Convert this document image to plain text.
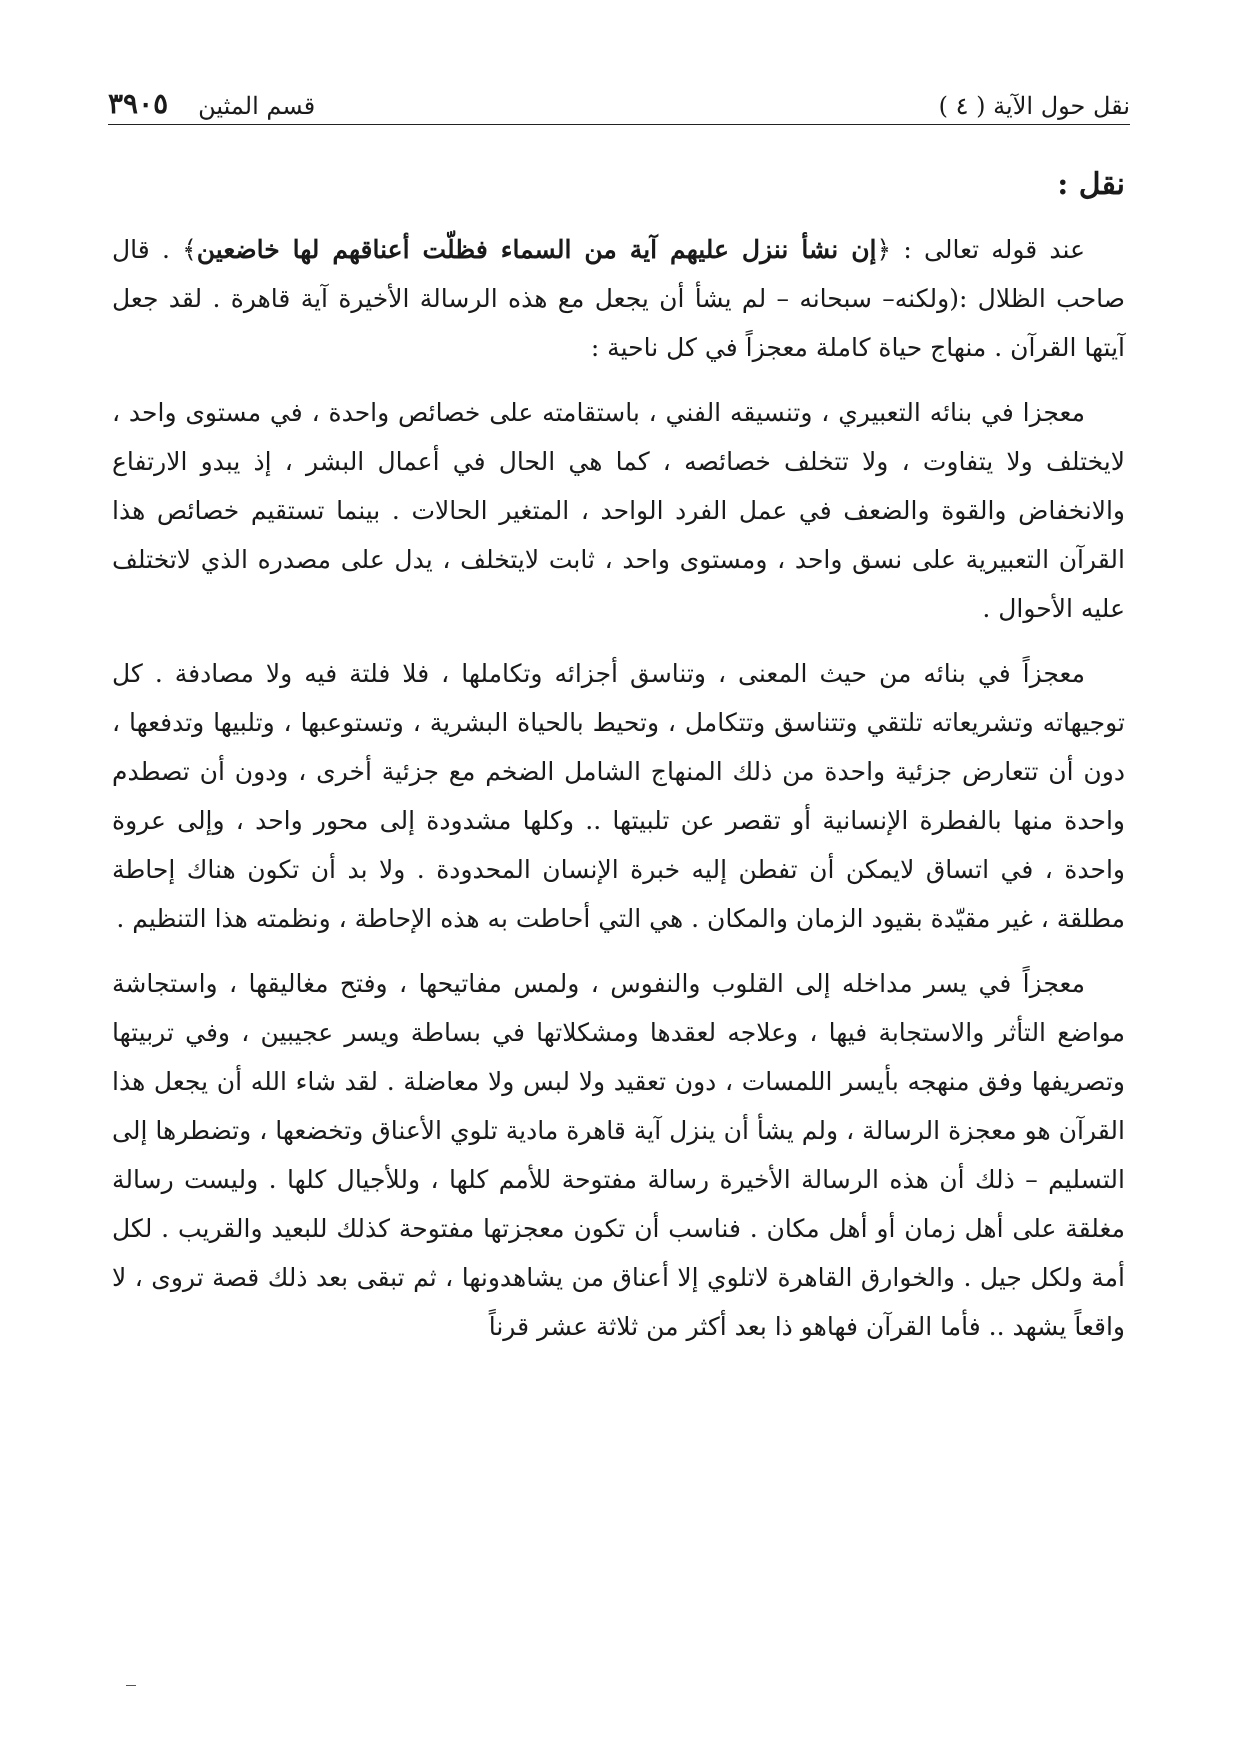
نقل حول الآية ( ٤ )
قسم المثين
٣٩٠٥
نقل :

عند قوله تعالى : ﴿إن نشأ ننزل عليهم آية من السماء فظلّت أعناقهم لها خاضعين﴾ . قال صاحب الظلال :(ولكنه– سبحانه – لم يشأ أن يجعل مع هذه الرسالة الأخيرة آية قاهرة . لقد جعل آيتها القرآن . منهاج حياة كاملة معجزاً في كل ناحية :

معجزا في بنائه التعبيري ، وتنسيقه الفني ، باستقامته على خصائص واحدة ، في مستوى واحد ، لايختلف ولا يتفاوت ، ولا تتخلف خصائصه ، كما هي الحال في أعمال البشر ، إذ يبدو الارتفاع والانخفاض والقوة والضعف في عمل الفرد الواحد ، المتغير الحالات . بينما تستقيم خصائص هذا القرآن التعبيرية على نسق واحد ، ومستوى واحد ، ثابت لايتخلف ، يدل على مصدره الذي لاتختلف عليه الأحوال .

معجزاً في بنائه من حيث المعنى ، وتناسق أجزائه وتكاملها ، فلا فلتة فيه ولا مصادفة . كل توجيهاته وتشريعاته تلتقي وتتناسق وتتكامل ، وتحيط بالحياة البشرية ، وتستوعبها ، وتلبيها وتدفعها ، دون أن تتعارض جزئية واحدة من ذلك المنهاج الشامل الضخم مع جزئية أخرى ، ودون أن تصطدم واحدة منها بالفطرة الإنسانية أو تقصر عن تلبيتها .. وكلها مشدودة إلى محور واحد ، وإلى عروة واحدة ، في اتساق لايمكن أن تفطن إليه خبرة الإنسان المحدودة . ولا بد أن تكون هناك إحاطة مطلقة ، غير مقيّدة بقيود الزمان والمكان . هي التي أحاطت به هذه الإحاطة ، ونظمته هذا التنظيم .

معجزاً في يسر مداخله إلى القلوب والنفوس ، ولمس مفاتيحها ، وفتح مغاليقها ، واستجاشة مواضع التأثر والاستجابة فيها ، وعلاجه لعقدها ومشكلاتها في بساطة ويسر عجيبين ، وفي تربيتها وتصريفها وفق منهجه بأيسر اللمسات ، دون تعقيد ولا لبس ولا معاضلة . لقد شاء الله أن يجعل هذا القرآن هو معجزة الرسالة ، ولم يشأ أن ينزل آية قاهرة مادية تلوي الأعناق وتخضعها ، وتضطرها إلى التسليم – ذلك أن هذه الرسالة الأخيرة رسالة مفتوحة للأمم كلها ، وللأجيال كلها . وليست رسالة مغلقة على أهل زمان أو أهل مكان . فناسب أن تكون معجزتها مفتوحة كذلك للبعيد والقريب . لكل أمة ولكل جيل . والخوارق القاهرة لاتلوي إلا أعناق من يشاهدونها ، ثم تبقى بعد ذلك قصة تروى ، لا واقعاً يشهد .. فأما القرآن فهاهو ذا بعد أكثر من ثلاثة عشر قرناً
